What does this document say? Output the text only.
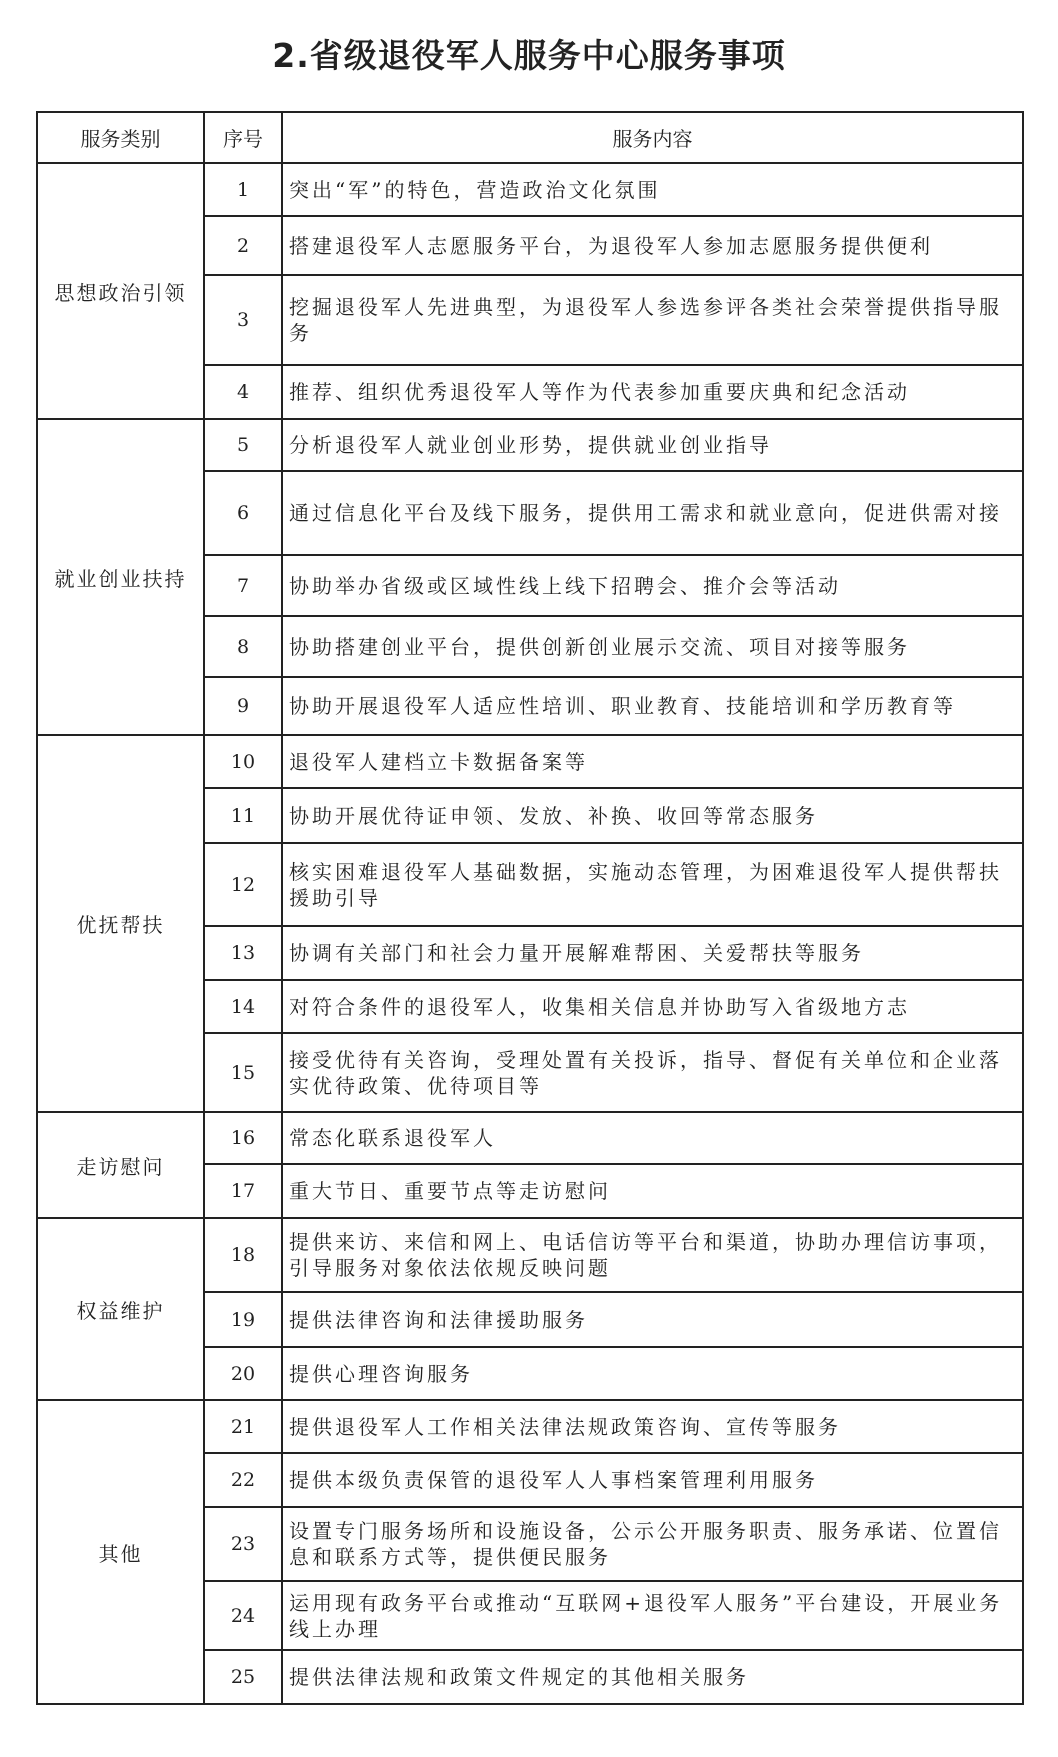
2.省级退役军人服务中心服务事项
服务类别	序号	服务内容
思想政治引领	1	突出“军”的特色，营造政治文化氛围
	2	搭建退役军人志愿服务平台，为退役军人参加志愿服务提供便利
	3	挖掘退役军人先进典型，为退役军人参选参评各类社会荣誉提供指导服务
	4	推荐、组织优秀退役军人等作为代表参加重要庆典和纪念活动
就业创业扶持	5	分析退役军人就业创业形势，提供就业创业指导
	6	通过信息化平台及线下服务，提供用工需求和就业意向，促进供需对接
	7	协助举办省级或区域性线上线下招聘会、推介会等活动
	8	协助搭建创业平台，提供创新创业展示交流、项目对接等服务
	9	协助开展退役军人适应性培训、职业教育、技能培训和学历教育等
优抚帮扶	10	退役军人建档立卡数据备案等
	11	协助开展优待证申领、发放、补换、收回等常态服务
	12	核实困难退役军人基础数据，实施动态管理，为困难退役军人提供帮扶援助引导
	13	协调有关部门和社会力量开展解难帮困、关爱帮扶等服务
	14	对符合条件的退役军人，收集相关信息并协助写入省级地方志
	15	接受优待有关咨询，受理处置有关投诉，指导、督促有关单位和企业落实优待政策、优待项目等
走访慰问	16	常态化联系退役军人
	17	重大节日、重要节点等走访慰问
权益维护	18	提供来访、来信和网上、电话信访等平台和渠道，协助办理信访事项，引导服务对象依法依规反映问题
	19	提供法律咨询和法律援助服务
	20	提供心理咨询服务
其他	21	提供退役军人工作相关法律法规政策咨询、宣传等服务
	22	提供本级负责保管的退役军人人事档案管理利用服务
	23	设置专门服务场所和设施设备，公示公开服务职责、服务承诺、位置信息和联系方式等，提供便民服务
	24	运用现有政务平台或推动“互联网+退役军人服务”平台建设，开展业务线上办理
	25	提供法律法规和政策文件规定的其他相关服务
